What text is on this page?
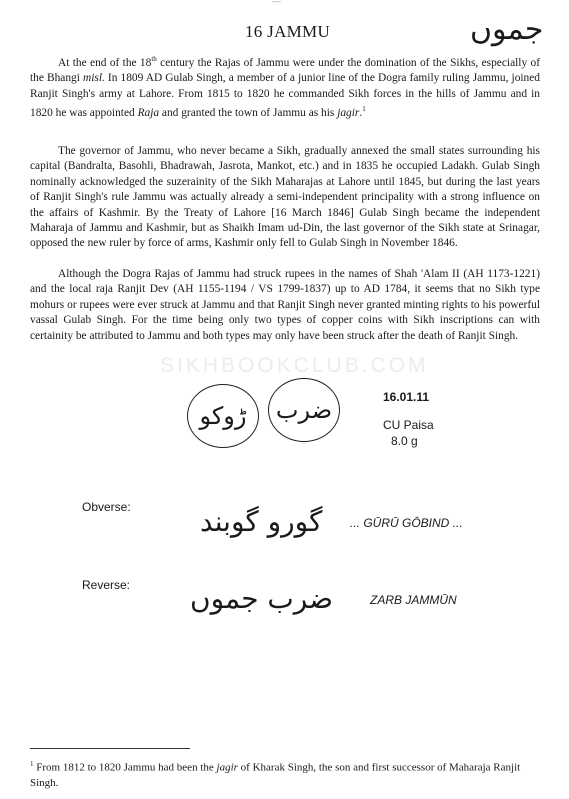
---
16 JAMMU	جموں
At the end of the 18th century the Rajas of Jammu were under the domination of the Sikhs, especially of the Bhangi misl. In 1809 AD Gulab Singh, a member of a junior line of the Dogra family ruling Jammu, joined Ranjit Singh's army at Lahore. From 1815 to 1820 he commanded Sikh forces in the hills of Jammu and in 1820 he was appointed Raja and granted the town of Jammu as his jagir.$^1$
The governor of Jammu, who never became a Sikh, gradually annexed the small states surrounding his capital (Bandralta, Basohli, Bhadrawah, Jasrota, Mankot, etc.) and in 1835 he occupied Ladakh. Gulab Singh nominally acknowledged the suzerainity of the Sikh Maharajas at Lahore until 1845, but during the last years of Ranjit Singh's rule Jammu was actually already a semi-independent principality with a strong influence on the affairs of Kashmir. By the Treaty of Lahore [16 March 1846] Gulab Singh became the independent Maharaja of Jammu and Kashmir, but as Shaikh Imam ud-Din, the last governor of the Sikh state at Srinagar, opposed the new ruler by force of arms, Kashmir only fell to Gulab Singh in November 1846.
Although the Dogra Rajas of Jammu had struck rupees in the names of Shah 'Alam II (AH 1173-1221) and the local raja Ranjit Dev (AH 1155-1194 / VS 1799-1837) up to AD 1784, it seems that no Sikh type mohurs or rupees were ever struck at Jammu and that Ranjit Singh never granted minting rights to his powerful vassal Gulab Singh. For the time being only two types of copper coins with Sikh inscriptions can with certainity be attributed to Jammu and both types may only have been struck after the death of Ranjit Singh.
SIKHBOOKCLUB.COM
ڑوکو ضرب	16.01.11
CU Paisa
8.0 g
Obverse: گورو گوبند ... GŪRŪ GŌBIND ...
Reverse: ضرب جموں	ZARB JAMMŪN
$^1$ From 1812 to 1820 Jammu had been the jagir of Kharak Singh, the son and first successor of Maharaja Ranjit Singh.
